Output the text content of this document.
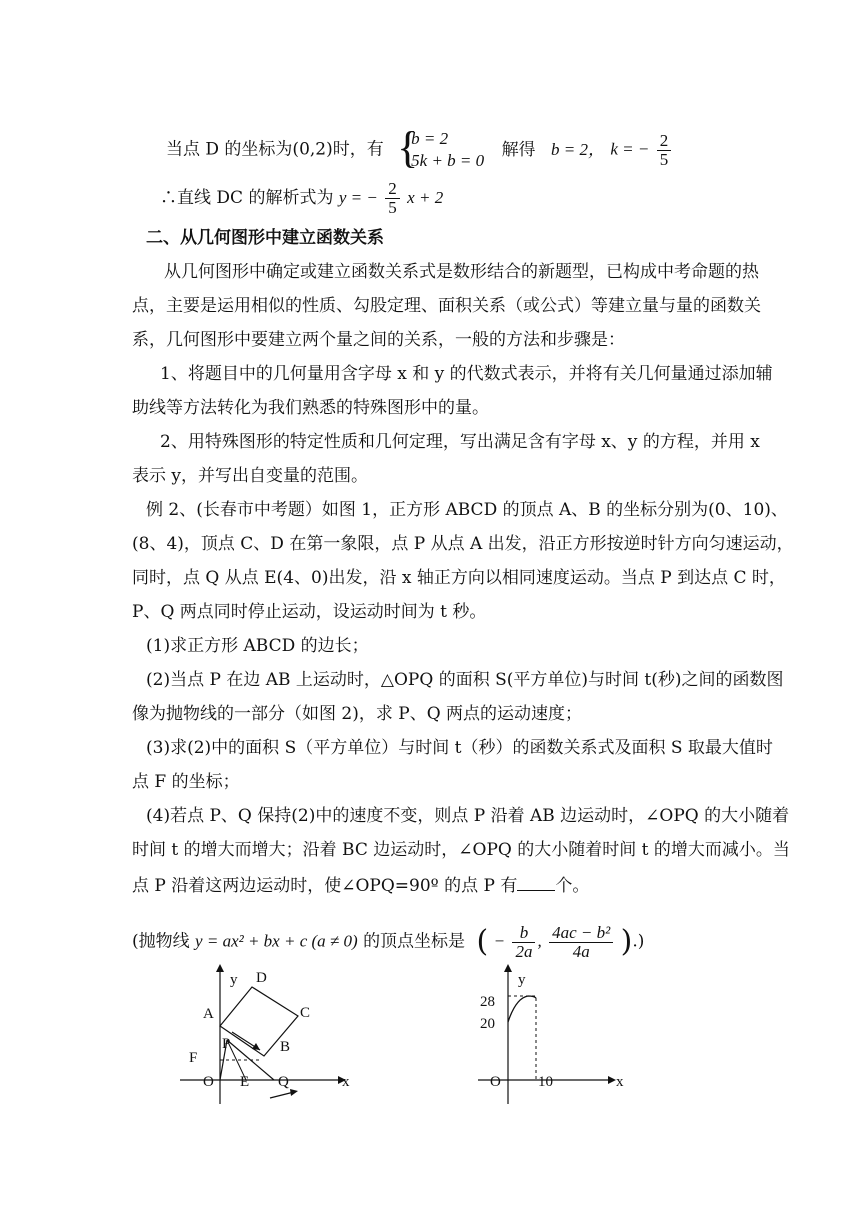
当点 D 的坐标为(0,2)时，有 {
b = 2
5k + b = 0
解得 b = 2， k = − $\frac{2}{5}$
∴直线 DC 的解析式为 y = − $\frac{2}{5}$ x + 2
二、从几何图形中建立函数关系
从几何图形中确定或建立函数关系式是数形结合的新题型，已构成中考命题的热
点，主要是运用相似的性质、勾股定理、面积关系（或公式）等建立量与量的函数关
系，几何图形中要建立两个量之间的关系，一般的方法和步骤是：
1、将题目中的几何量用含字母 x 和 y 的代数式表示，并将有关几何量通过添加辅
助线等方法转化为我们熟悉的特殊图形中的量。
2、用特殊图形的特定性质和几何定理，写出满足含有字母 x、y 的方程，并用 x
表示 y，并写出自变量的范围。
例 2、(长春市中考题）如图 1，正方形 ABCD 的顶点 A、B 的坐标分别为(0、10)、
(8、4)，顶点 C、D 在第一象限，点 P 从点 A 出发，沿正方形按逆时针方向匀速运动，
同时，点 Q 从点 E(4、0)出发，沿 x 轴正方向以相同速度运动。当点 P 到达点 C 时，
P、Q 两点同时停止运动，设运动时间为 t 秒。
(1)求正方形 ABCD 的边长；
(2)当点 P 在边 AB 上运动时，△OPQ 的面积 S(平方单位)与时间 t(秒)之间的函数图
像为抛物线的一部分（如图 2)，求 P、Q 两点的运动速度；
(3)求(2)中的面积 S（平方单位）与时间 t（秒）的函数关系式及面积 S 取最大值时
点 F 的坐标；
(4)若点 P、Q 保持(2)中的速度不变，则点 P 沿着 AB 边运动时，∠OPQ 的大小随着
时间 t 的增大而增大；沿着 BC 边运动时，∠OPQ 的大小随着时间 t 的增大而减小。当
点 P 沿着这两边运动时，使∠OPQ=90º 的点 P 有 个。
(抛物线 y = ax² + bx + c (a ≠ 0) 的顶点坐标是 ( − $\frac{b}{2a}$ , $\frac{\text{4ac − b²}}{4a}$ ).)
y D
A	C
P	B
F
O E Q	x
y
28
20
O 10	x
